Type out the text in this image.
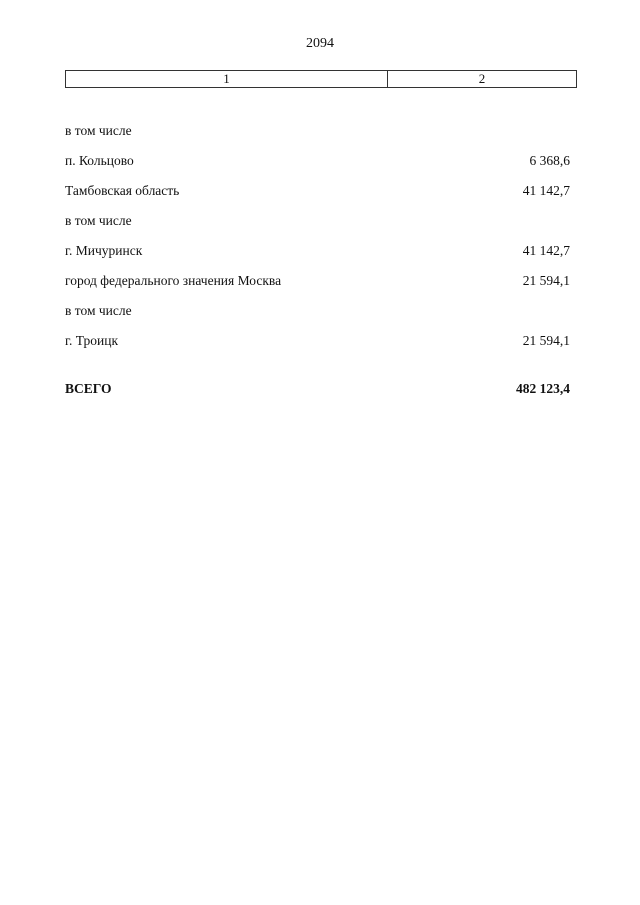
2094
1	2
в том числе
п. Кольцово	6 368,6
Тамбовская область	41 142,7
в том числе
г. Мичуринск	41 142,7
город федерального значения Москва	21 594,1
в том числе
г. Троицк	21 594,1
ВСЕГО	482 123,4
